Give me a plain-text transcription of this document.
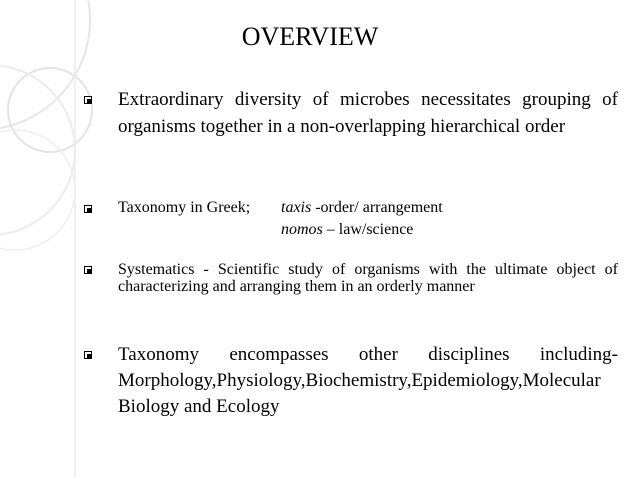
OVERVIEW
Extraordinary diversity of microbes necessitates grouping of organisms together in a non-overlapping hierarchical order
Taxonomy in Greek; taxis -order/ arrangement
nomos – law/science
Systematics - Scientific study of organisms with the ultimate object of characterizing and arranging them in an orderly manner
Taxonomy encompasses other disciplines including-Morphology,Physiology,Biochemistry,Epidemiology,Molecular Biology and Ecology
